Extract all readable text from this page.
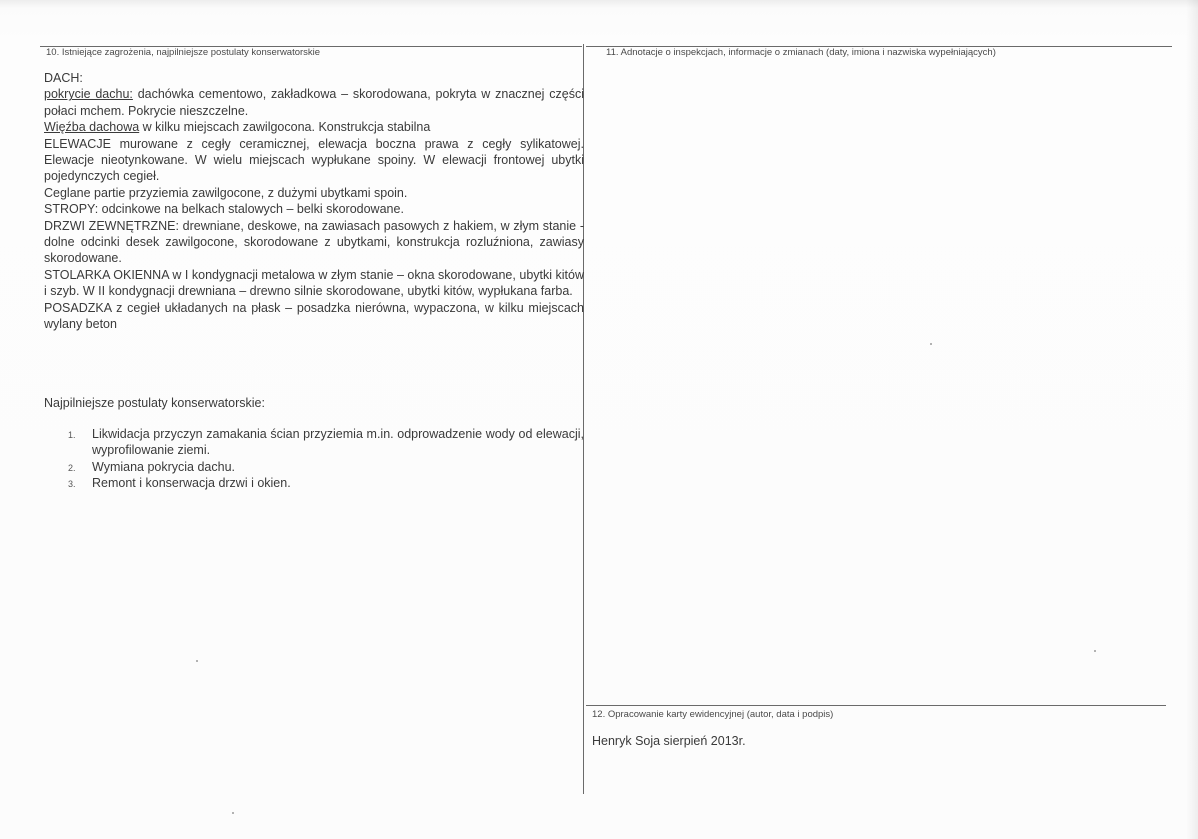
10. Istniejące zagrożenia, najpilniejsze postulaty konserwatorskie	11. Adnotacje o inspekcjach, informacje o zmianach (daty, imiona i nazwiska wypełniających)
12. Opracowanie karty ewidencyjnej (autor, data i podpis)

DACH:

pokrycie dachu: dachówka cementowo, zakładkowa – skorodowana, pokryta w znacznej części połaci mchem. Pokrycie nieszczelne.

Więźba dachowa w kilku miejscach zawilgocona. Konstrukcja stabilna

ELEWACJE murowane z cegły ceramicznej, elewacja boczna prawa z cegły sylikatowej. Elewacje nieotynkowane. W wielu miejscach wypłukane spoiny. W elewacji frontowej ubytki pojedynczych cegieł.

Ceglane partie przyziemia zawilgocone, z dużymi ubytkami spoin.

STROPY: odcinkowe na belkach stalowych – belki skorodowane.

DRZWI ZEWNĘTRZNE: drewniane, deskowe, na zawiasach pasowych z hakiem, w złym stanie - dolne odcinki desek zawilgocone, skorodowane z ubytkami, konstrukcja rozluźniona, zawiasy skorodowane.

STOLARKA OKIENNA w I kondygnacji metalowa w złym stanie – okna skorodowane, ubytki kitów i szyb. W II kondygnacji drewniana – drewno silnie skorodowane, ubytki kitów, wypłukana farba.

POSADZKA z cegieł układanych na płask – posadzka nierówna, wypaczona, w kilku miejscach wylany beton

Najpilniejsze postulaty konserwatorskie:
1. Likwidacja przyczyn zamakania ścian przyziemia m.in. odprowadzenie wody od elewacji, wyprofilowanie ziemi.
2. Wymiana pokrycia dachu.
3. Remont i konserwacja drzwi i okien.
Henryk Soja sierpień 2013r.
